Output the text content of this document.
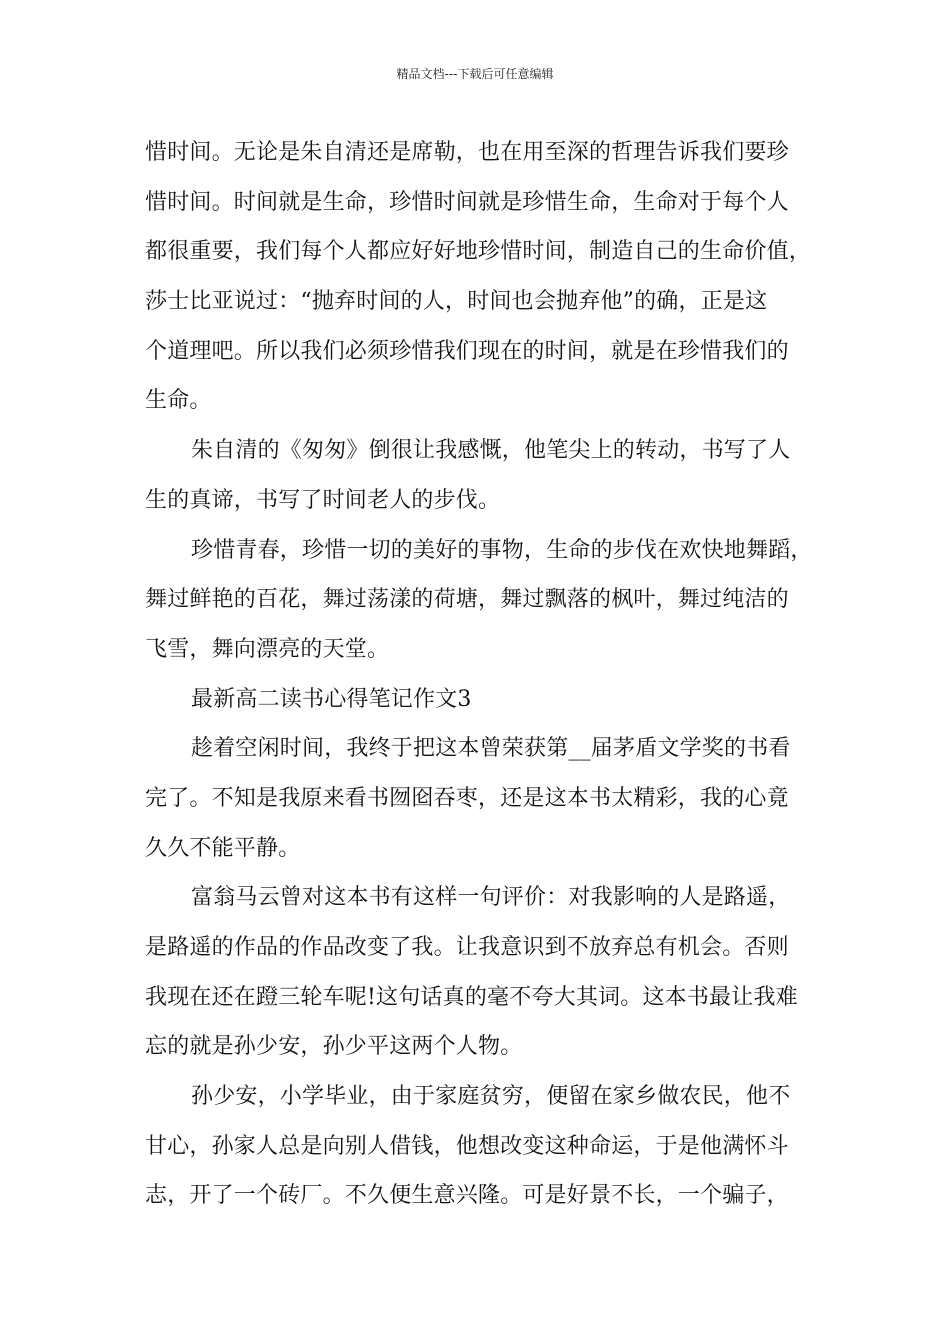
精品文档---下载后可任意编辑
惜时间。无论是朱自清还是席勒，也在用至深的哲理告诉我们要珍
惜时间。时间就是生命，珍惜时间就是珍惜生命，生命对于每个人
都很重要，我们每个人都应好好地珍惜时间，制造自己的生命价值，
莎士比亚说过：“抛弃时间的人，时间也会抛弃他”的确，正是这
个道理吧。所以我们必须珍惜我们现在的时间，就是在珍惜我们的
生命。
朱自清的《匆匆》倒很让我感慨，他笔尖上的转动，书写了人
生的真谛，书写了时间老人的步伐。
珍惜青春，珍惜一切的美好的事物，生命的步伐在欢快地舞蹈，
舞过鲜艳的百花，舞过荡漾的荷塘，舞过飘落的枫叶，舞过纯洁的
飞雪，舞向漂亮的天堂。
最新高二读书心得笔记作文3
趁着空闲时间，我终于把这本曾荣获第__届茅盾文学奖的书看
完了。不知是我原来看书囫囵吞枣，还是这本书太精彩，我的心竟
久久不能平静。
富翁马云曾对这本书有这样一句评价：对我影响的人是路遥，
是路遥的作品的作品改变了我。让我意识到不放弃总有机会。否则
我现在还在蹬三轮车呢!这句话真的毫不夸大其词。这本书最让我难
忘的就是孙少安，孙少平这两个人物。
孙少安，小学毕业，由于家庭贫穷，便留在家乡做农民，他不
甘心，孙家人总是向别人借钱，他想改变这种命运，于是他满怀斗
志，开了一个砖厂。不久便生意兴隆。可是好景不长，一个骗子，
